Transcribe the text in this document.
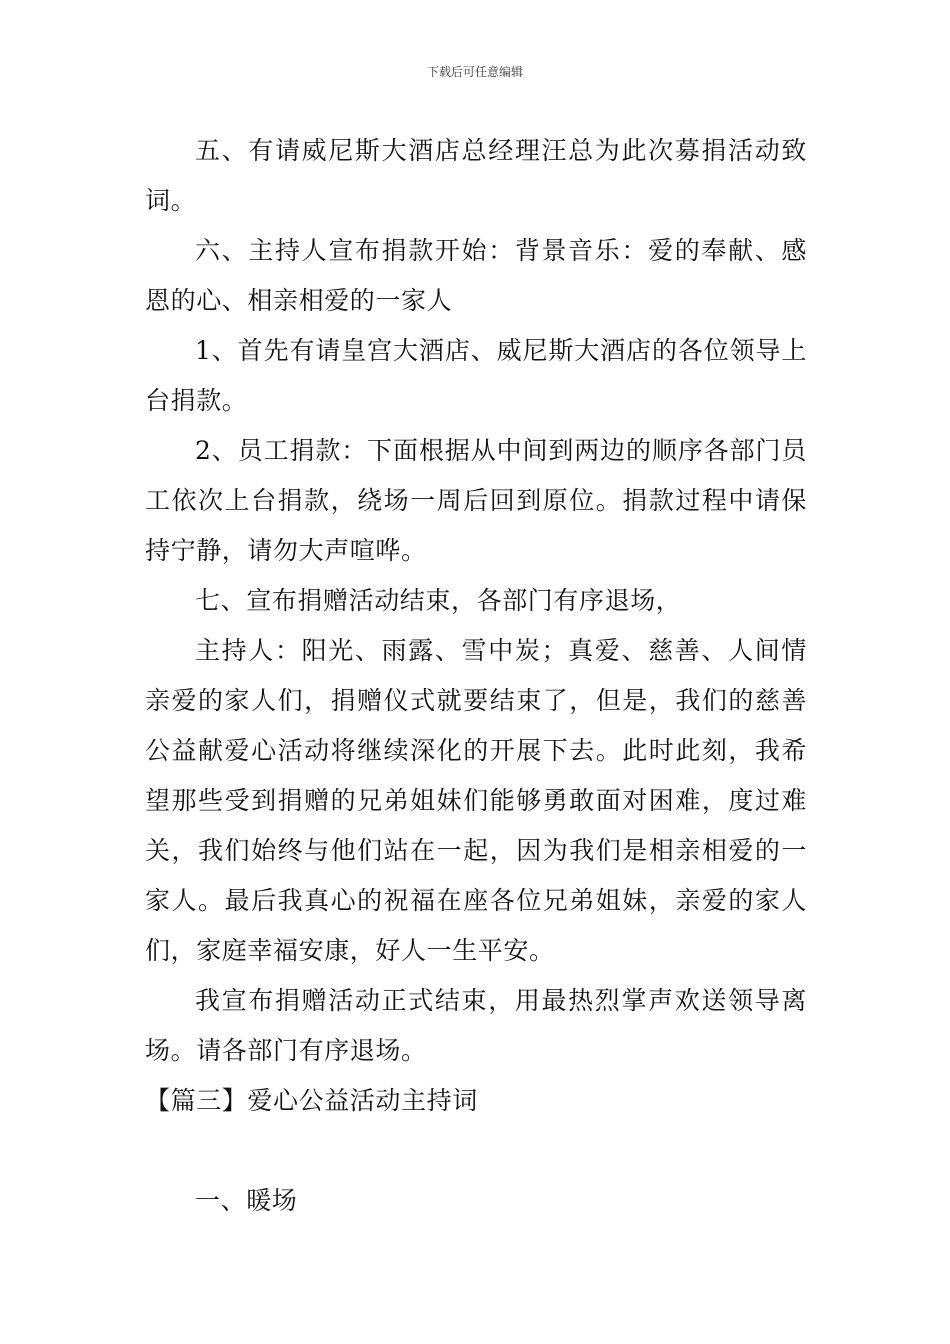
下载后可任意编辑

五、有请威尼斯大酒店总经理汪总为此次募捐活动致词。

六、主持人宣布捐款开始：背景音乐：爱的奉献、感恩的心、相亲相爱的一家人

1、首先有请皇宫大酒店、威尼斯大酒店的各位领导上台捐款。

2、员工捐款：下面根据从中间到两边的顺序各部门员工依次上台捐款，绕场一周后回到原位。捐款过程中请保持宁静，请勿大声喧哗。

七、宣布捐赠活动结束，各部门有序退场，

主持人：阳光、雨露、雪中炭；真爱、慈善、人间情亲爱的家人们，捐赠仪式就要结束了，但是，我们的慈善公益献爱心活动将继续深化的开展下去。此时此刻，我希望那些受到捐赠的兄弟姐妹们能够勇敢面对困难，度过难关，我们始终与他们站在一起，因为我们是相亲相爱的一家人。最后我真心的祝福在座各位兄弟姐妹，亲爱的家人们，家庭幸福安康，好人一生平安。

我宣布捐赠活动正式结束，用最热烈掌声欢送领导离场。请各部门有序退场。

【篇三】爱心公益活动主持词

一、暖场
